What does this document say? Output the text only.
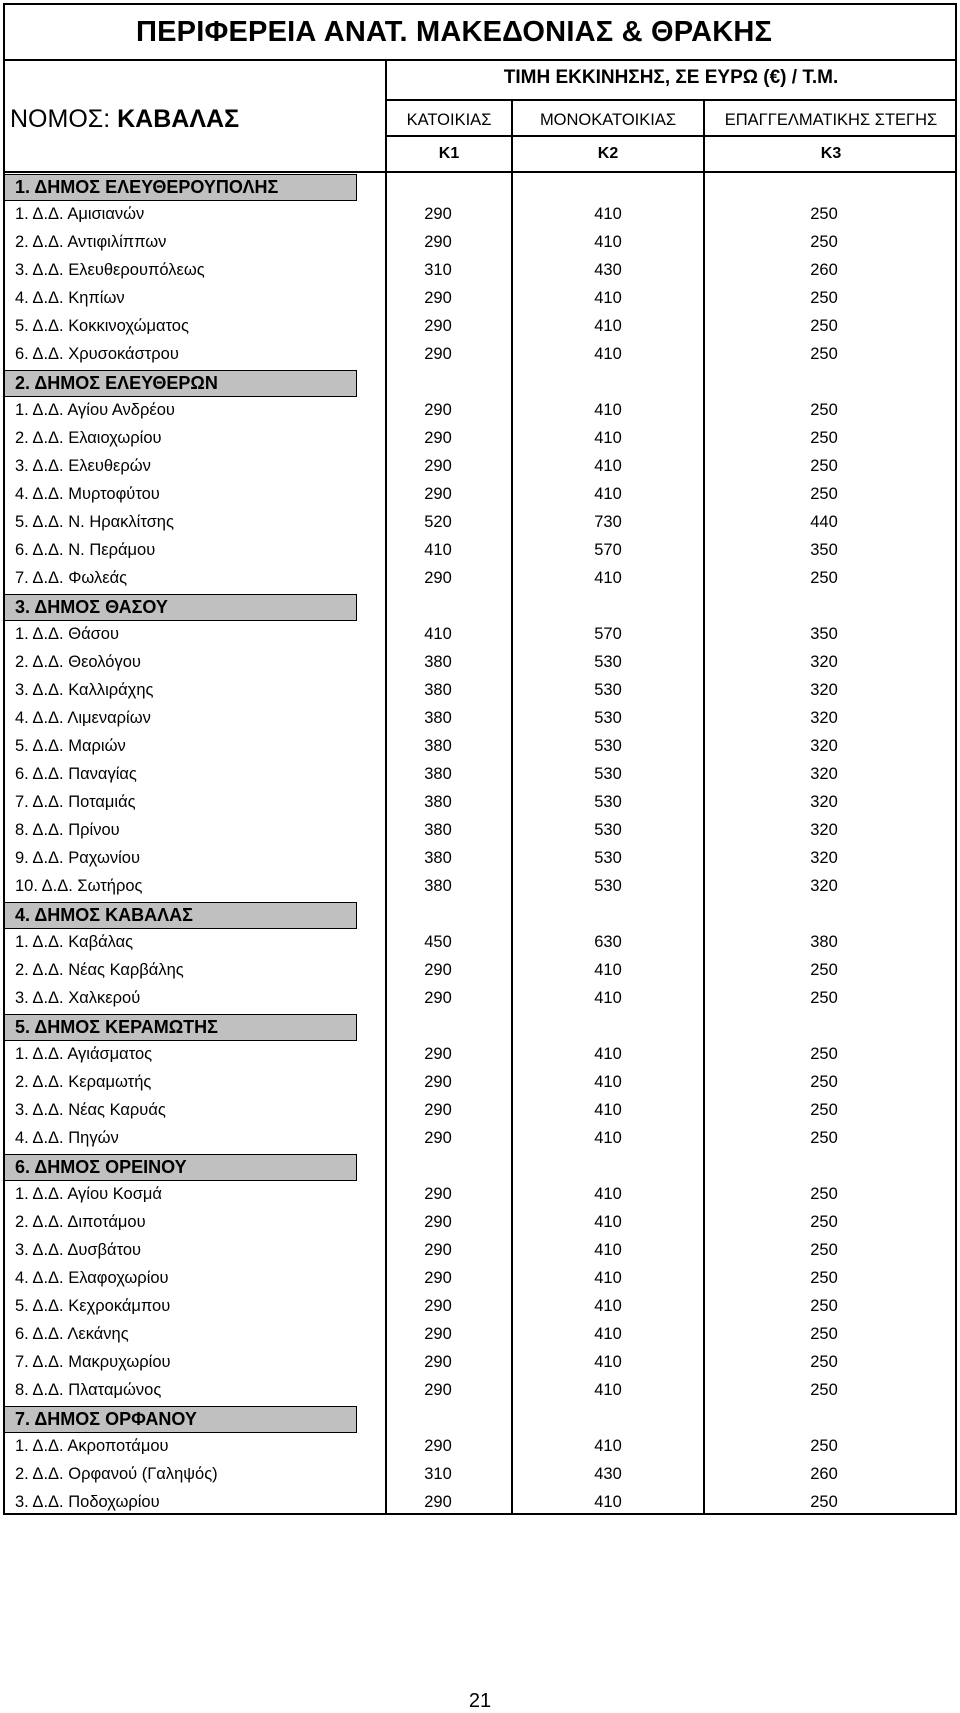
ΠΕΡΙΦΕΡΕΙΑ ΑΝΑΤ. ΜΑΚΕΔΟΝΙΑΣ & ΘΡΑΚΗΣ
ΝΟΜΟΣ: ΚΑΒΑΛΑΣ
ΤΙΜΗ ΕΚΚΙΝΗΣΗΣ, ΣΕ ΕΥΡΩ (€) / Τ.Μ.
ΚΑΤΟΙΚΙΑΣ	ΜΟΝΟΚΑΤΟΙΚΙΑΣ	ΕΠΑΓΓΕΛΜΑΤΙΚΗΣ ΣΤΕΓΗΣ
Κ1	Κ2	Κ3
1. ΔΗΜΟΣ ΕΛΕΥΘΕΡΟΥΠΟΛΗΣ
1. Δ.Δ. Αμισιανών	290	410	250
2. Δ.Δ. Αντιφιλίππων	290	410	250
3. Δ.Δ. Ελευθερουπόλεως	310	430	260
4. Δ.Δ. Κηπίων	290	410	250
5. Δ.Δ. Κοκκινοχώματος	290	410	250
6. Δ.Δ. Χρυσοκάστρου	290	410	250
2. ΔΗΜΟΣ ΕΛΕΥΘΕΡΩΝ
1. Δ.Δ. Αγίου Ανδρέου	290	410	250
2. Δ.Δ. Ελαιοχωρίου	290	410	250
3. Δ.Δ. Ελευθερών	290	410	250
4. Δ.Δ. Μυρτοφύτου	290	410	250
5. Δ.Δ. Ν. Ηρακλίτσης	520	730	440
6. Δ.Δ. Ν. Περάμου	410	570	350
7. Δ.Δ. Φωλεάς	290	410	250
3. ΔΗΜΟΣ ΘΑΣΟΥ
1. Δ.Δ. Θάσου	410	570	350
2. Δ.Δ. Θεολόγου	380	530	320
3. Δ.Δ. Καλλιράχης	380	530	320
4. Δ.Δ. Λιμεναρίων	380	530	320
5. Δ.Δ. Μαριών	380	530	320
6. Δ.Δ. Παναγίας	380	530	320
7. Δ.Δ. Ποταμιάς	380	530	320
8. Δ.Δ. Πρίνου	380	530	320
9. Δ.Δ. Ραχωνίου	380	530	320
10. Δ.Δ. Σωτήρος	380	530	320
4. ΔΗΜΟΣ ΚΑΒΑΛΑΣ
1. Δ.Δ. Καβάλας	450	630	380
2. Δ.Δ. Νέας Καρβάλης	290	410	250
3. Δ.Δ. Χαλκερού	290	410	250
5. ΔΗΜΟΣ ΚΕΡΑΜΩΤΗΣ
1. Δ.Δ. Αγιάσματος	290	410	250
2. Δ.Δ. Κεραμωτής	290	410	250
3. Δ.Δ. Νέας Καρυάς	290	410	250
4. Δ.Δ. Πηγών	290	410	250
6. ΔΗΜΟΣ ΟΡΕΙΝΟΥ
1. Δ.Δ. Αγίου Κοσμά	290	410	250
2. Δ.Δ. Διποτάμου	290	410	250
3. Δ.Δ. Δυσβάτου	290	410	250
4. Δ.Δ. Ελαφοχωρίου	290	410	250
5. Δ.Δ. Κεχροκάμπου	290	410	250
6. Δ.Δ. Λεκάνης	290	410	250
7. Δ.Δ. Μακρυχωρίου	290	410	250
8. Δ.Δ. Πλαταμώνος	290	410	250
7. ΔΗΜΟΣ ΟΡΦΑΝΟΥ
1. Δ.Δ. Ακροποτάμου	290	410	250
2. Δ.Δ. Ορφανού (Γαληψός)	310	430	260
3. Δ.Δ. Ποδοχωρίου	290	410	250
21
